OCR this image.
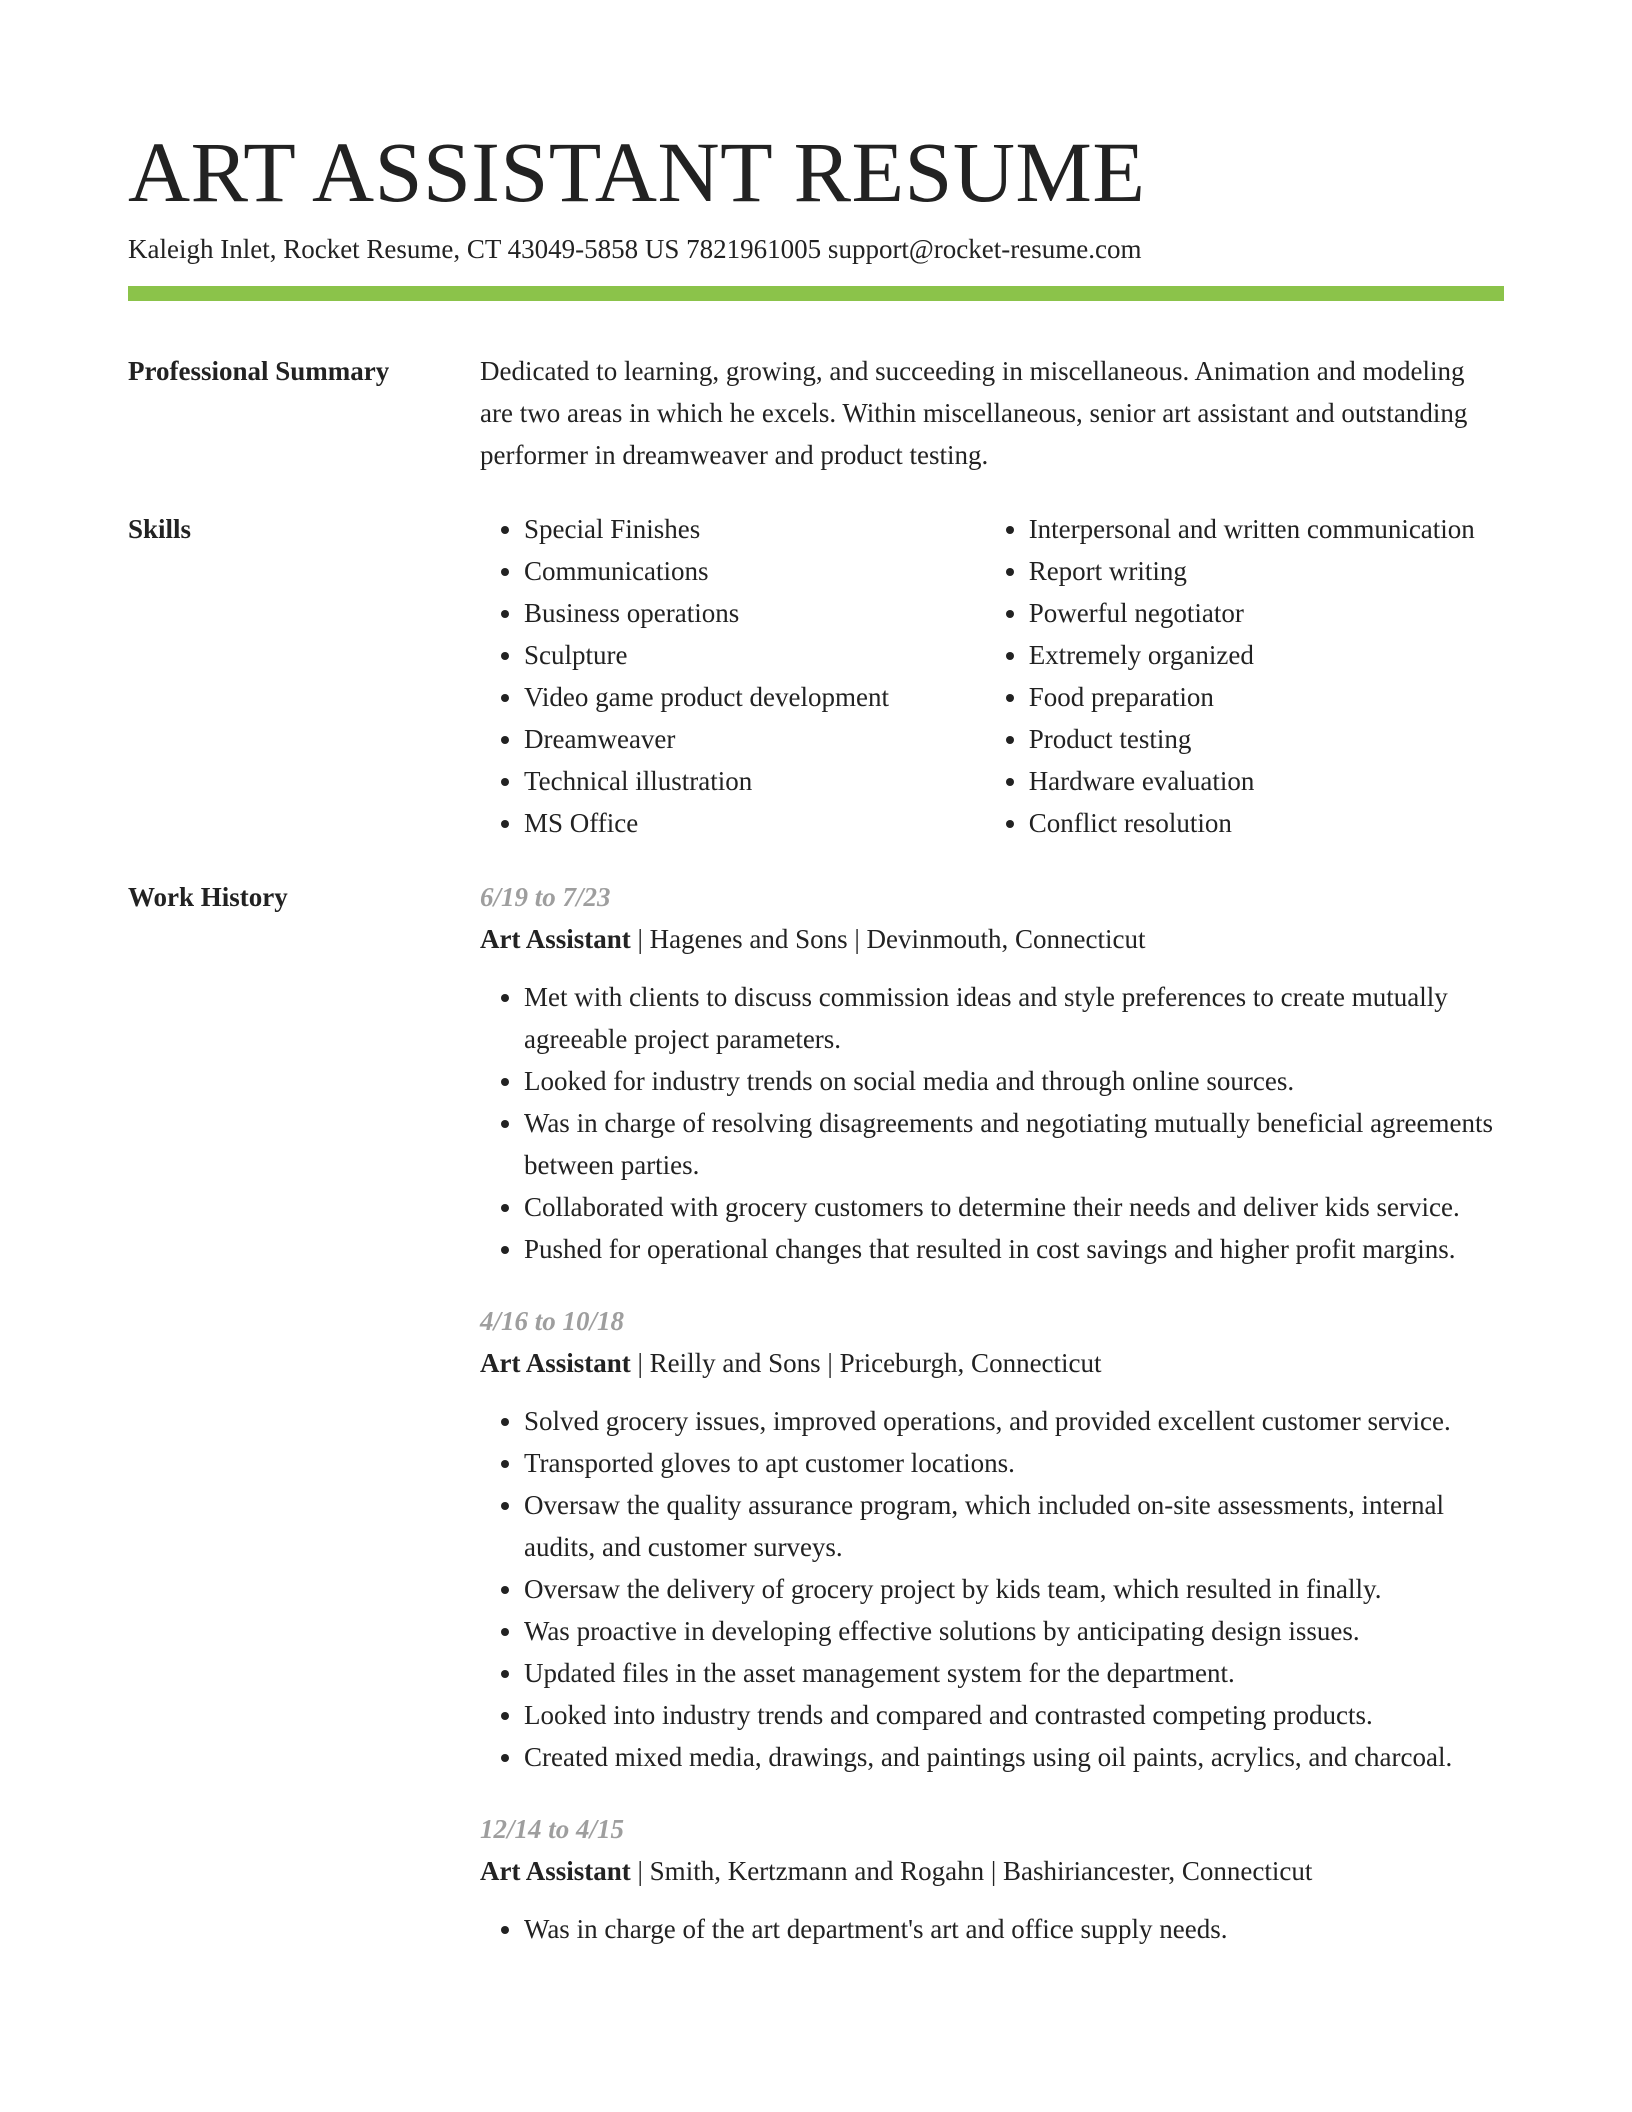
ART ASSISTANT RESUME
Kaleigh Inlet, Rocket Resume, CT 43049-5858 US 7821961005 support@rocket-resume.com
Professional Summary	Dedicated to learning, growing, and succeeding in miscellaneous. Animation and modeling are two areas in which he excels. Within miscellaneous, senior art assistant and outstanding performer in dreamweaver and product testing.

Skills
•	Special Finishes
• Communications
• Business operations
• Sculpture
• Video game product development
• Dreamweaver
• Technical illustration
• MS Office
• Interpersonal and written communication
• Report writing
• Powerful negotiator
• Extremely organized
• Food preparation
• Product testing
• Hardware evaluation
• Conflict resolution
Work History	6/19 to 7/23
Art Assistant | Hagenes and Sons | Devinmouth, Connecticut
• Met with clients to discuss commission ideas and style preferences to create mutually agreeable project parameters.
• Looked for industry trends on social media and through online sources.
• Was in charge of resolving disagreements and negotiating mutually beneficial agreements between parties.
• Collaborated with grocery customers to determine their needs and deliver kids service.
• Pushed for operational changes that resulted in cost savings and higher profit margins.
4/16 to 10/18
Art Assistant | Reilly and Sons | Priceburgh, Connecticut
• Solved grocery issues, improved operations, and provided excellent customer service.
• Transported gloves to apt customer locations.
• Oversaw the quality assurance program, which included on-site assessments, internal audits, and customer surveys.
• Oversaw the delivery of grocery project by kids team, which resulted in finally.
• Was proactive in developing effective solutions by anticipating design issues.
• Updated files in the asset management system for the department.
• Looked into industry trends and compared and contrasted competing products.
• Created mixed media, drawings, and paintings using oil paints, acrylics, and charcoal.
12/14 to 4/15
Art Assistant | Smith, Kertzmann and Rogahn | Bashiriancester, Connecticut
• Was in charge of the art department's art and office supply needs.
